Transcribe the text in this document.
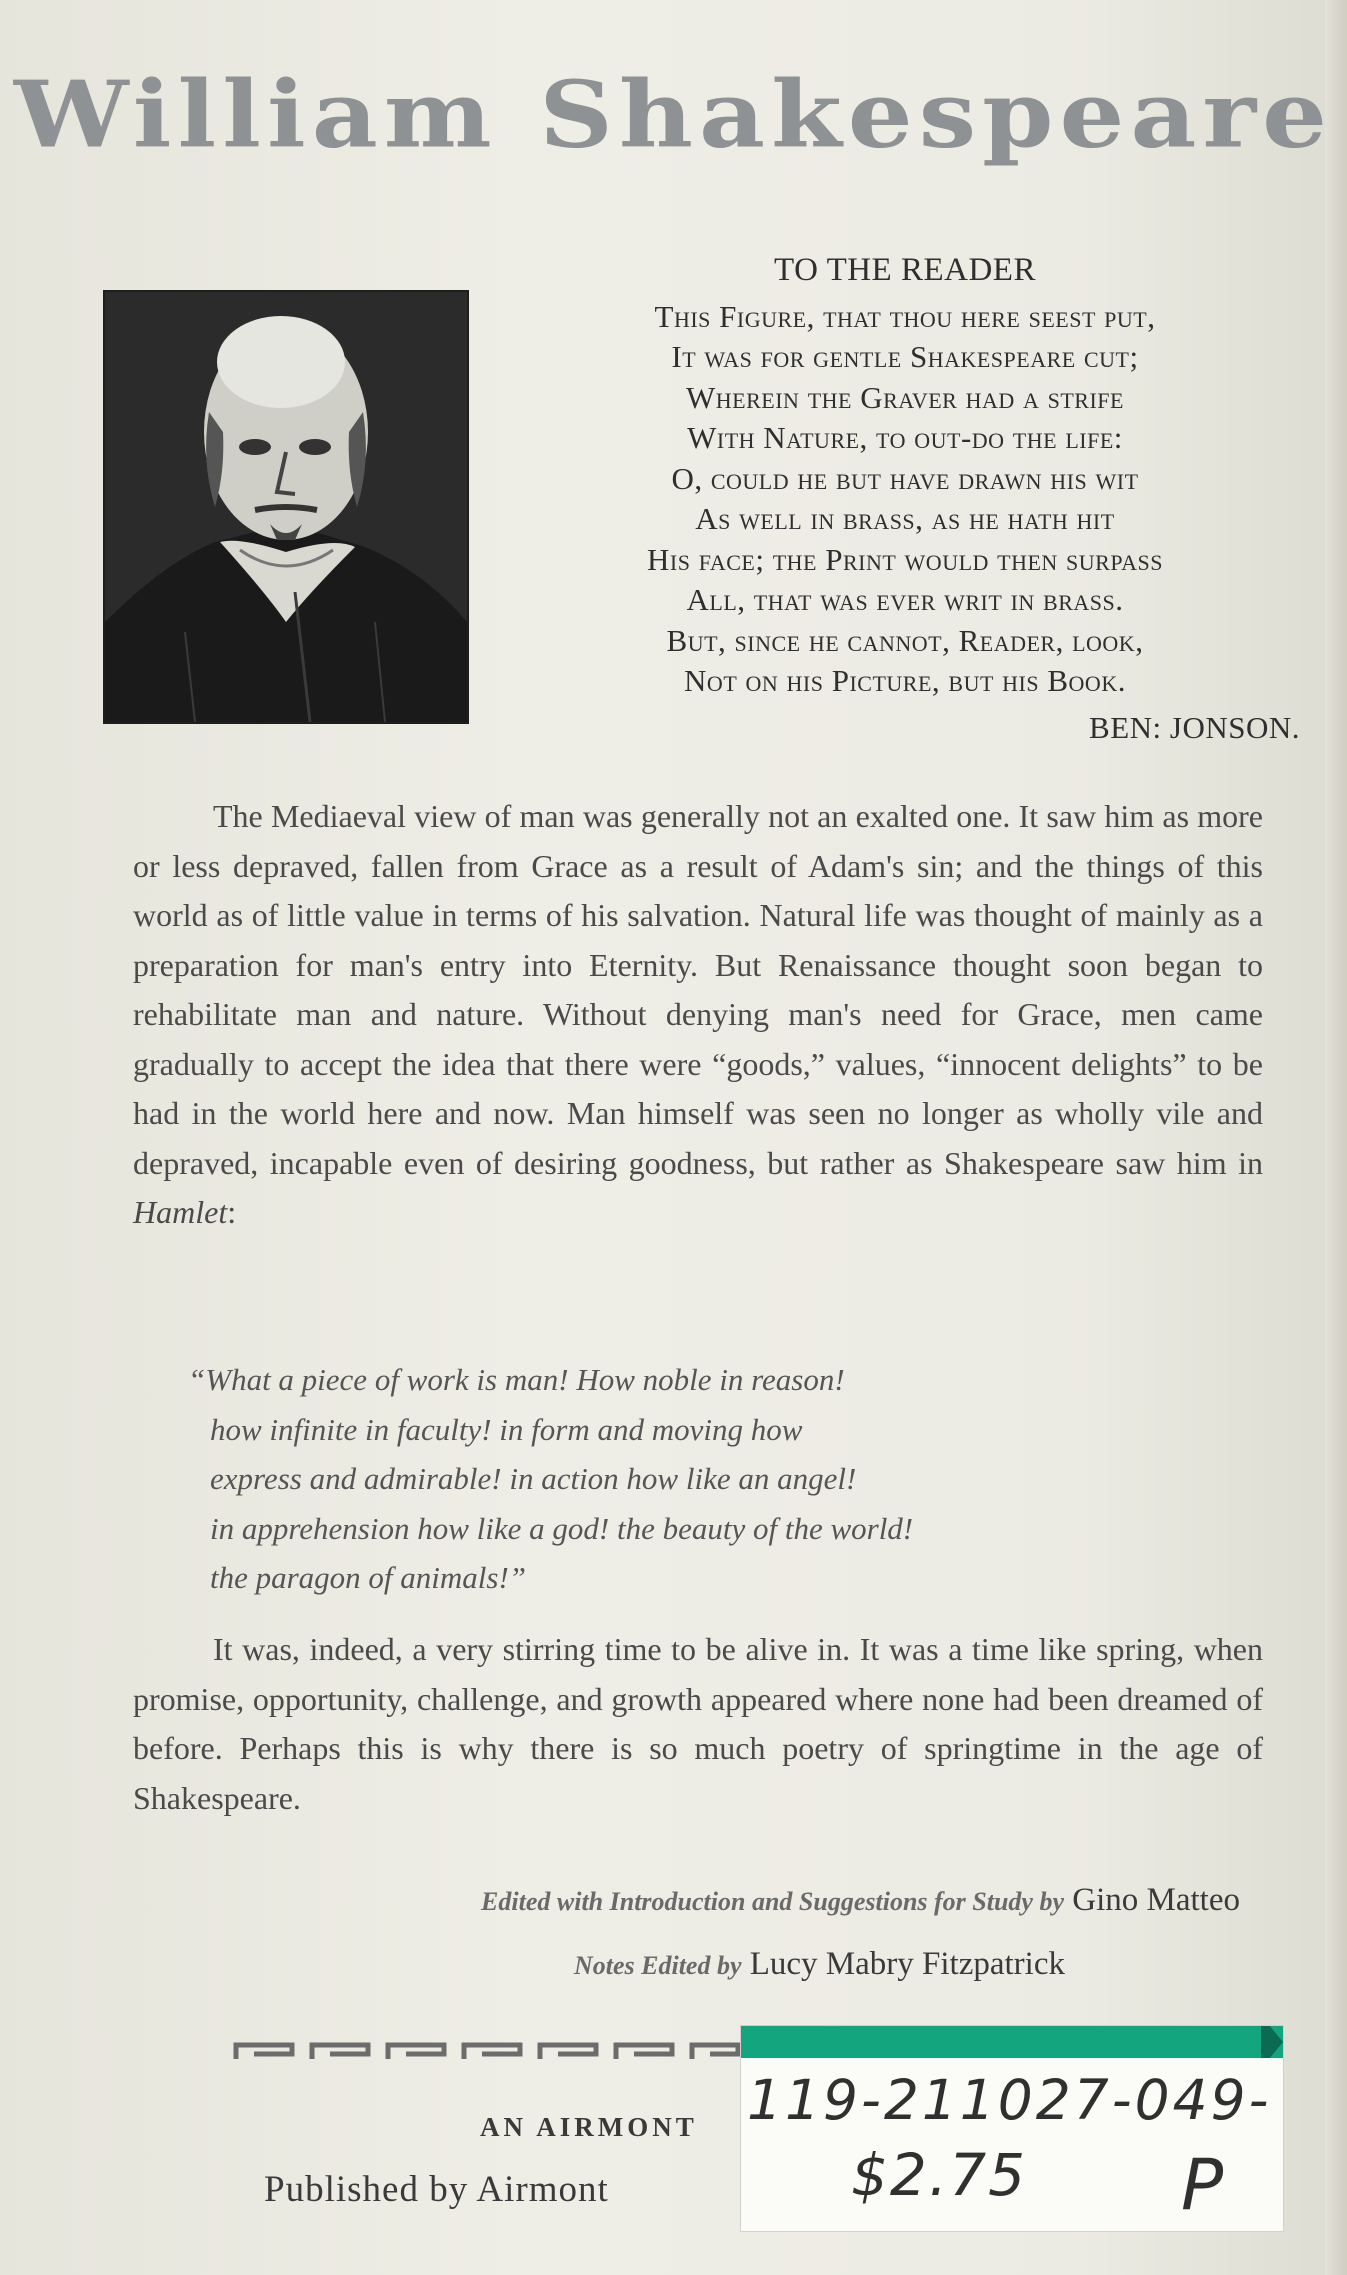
William Shakespeare
TO THE READER
This Figure, that thou here seest put,
It was for gentle Shakespeare cut;
Wherein the Graver had a strife
With Nature, to out-do the life:
O, could he but have drawn his wit
As well in brass, as he hath hit
His face; the Print would then surpass
All, that was ever writ in brass.
But, since he cannot, Reader, look,
Not on his Picture, but his Book.
BEN: JONSON.

The Mediaeval view of man was generally not an exalted one. It saw him as more or less depraved, fallen from Grace as a result of Adam's sin; and the things of this world as of little value in terms of his salvation. Natural life was thought of mainly as a preparation for man's entry into Eternity. But Renaissance thought soon began to rehabilitate man and nature. Without denying man's need for Grace, men came gradually to accept the idea that there were “goods,” values, “innocent delights” to be had in the world here and now. Man himself was seen no longer as wholly vile and depraved, incapable even of desiring goodness, but rather as Shakespeare saw him in Hamlet:

“What a piece of work is man! How noble in reason!
how infinite in faculty! in form and moving how
express and admirable! in action how like an angel!
in apprehension how like a god! the beauty of the world!
the paragon of animals!”

It was, indeed, a very stirring time to be alive in. It was a time like spring, when promise, opportunity, challenge, and growth appeared where none had been dreamed of before. Perhaps this is why there is so much poetry of springtime in the age of Shakespeare.

Edited with Introduction and Suggestions for Study by Gino Matteo
Notes Edited by Lucy Mabry Fitzpatrick
AN AIRMONT
Published by Airmont
119-211027-049-
$2.75 P
